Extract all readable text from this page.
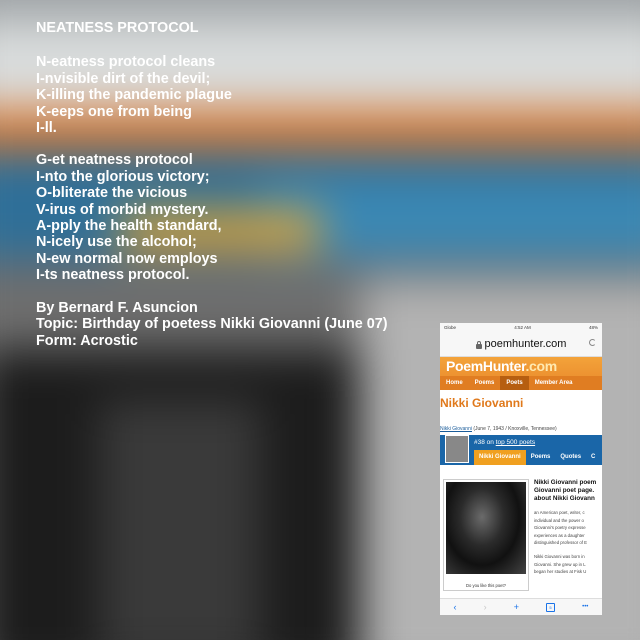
NEATNESS PROTOCOL
N-eatness protocol cleans
I-nvisible dirt of the devil;
K-illing the pandemic plague
K-eeps one from being
I-ll.
G-et neatness protocol
I-nto the glorious victory;
O-bliterate the vicious
V-irus of morbid mystery.
A-pply the health standard,
N-icely use the alcohol;
N-ew normal now employs
I-ts neatness protocol.
By Bernard F. Asuncion
Topic: Birthday of poetess Nikki Giovanni (June 07)
Form: Acrostic
Globe	4:52 AM	48%
poemhunter.com
PoemHunter.com
Home	Poems	Poets	Member Area
Nikki Giovanni
Nikki Giovanni (June 7, 1943 / Knoxville, Tennessee)
#38 on
top 500 poets
Nikki Giovanni	Poems	Quotes	C
Do you like this poet?
Nikki Giovanni poem
Giovanni poet page.
about Nikki Giovann

an American poet, writer, c
individual and the power o
Giovanni's poetry expresse
experiences as a daughter
distinguished professor of E

Nikki Giovanni was born in
Giovanni. She grew up in L
began her studies at Fisk U

‹	›	+	5	•••
